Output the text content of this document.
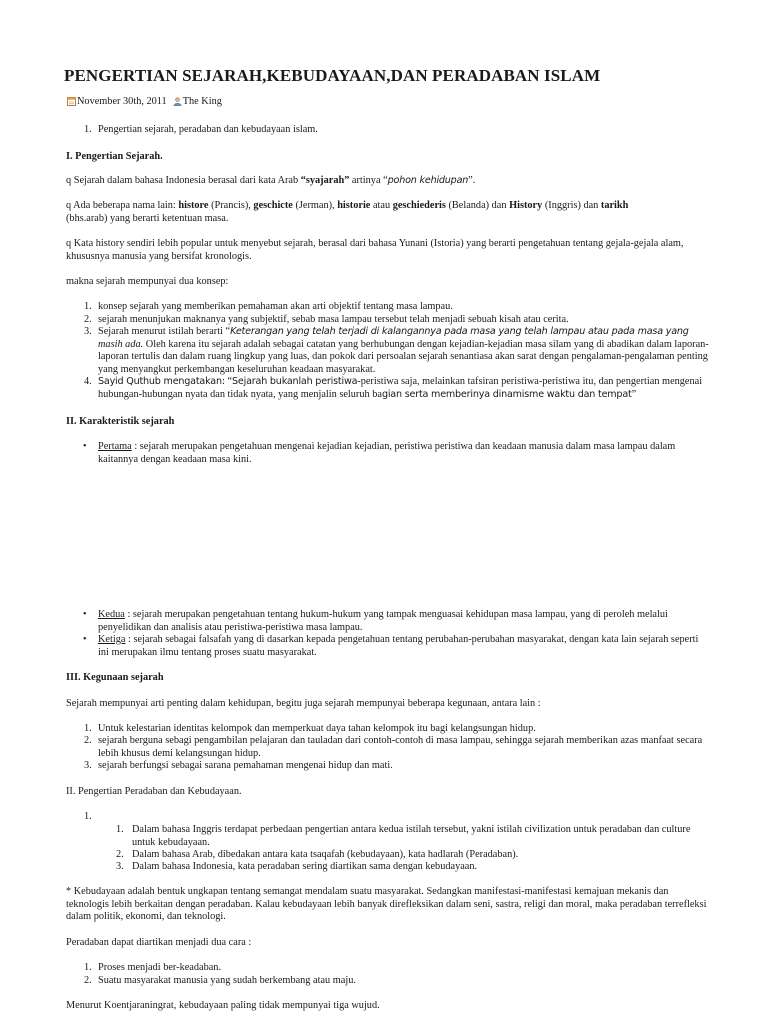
PENGERTIAN SEJARAH,KEBUDAYAAN,DAN PERADABAN ISLAM
November 30th, 2011 The King
1. Pengertian sejarah, peradaban dan kebudayaan islam.
I. Pengertian Sejarah.
q Sejarah dalam bahasa Indonesia berasal dari kata Arab “syajarah” artinya “pohon kehidupan”.
q Ada beberapa nama lain: histore (Prancis), geschicte (Jerman), historie atau geschiederis (Belanda) dan History (Inggris) dan tarikh
(bhs.arab) yang berarti ketentuan masa.
q Kata history sendiri lebih popular untuk menyebut sejarah, berasal dari bahasa Yunani (Istoria) yang berarti pengetahuan tentang gejala-gejala alam, khususnya manusia yang bersifat kronologis.
makna sejarah mempunyai dua konsep:
1. konsep sejarah yang memberikan pemahaman akan arti objektif tentang masa lampau.
2. sejarah menunjukan maknanya yang subjektif, sebab masa lampau tersebut telah menjadi sebuah kisah atau cerita.
3. Sejarah menurut istilah berarti “Keterangan yang telah terjadi di kalangannya pada masa yang telah lampau atau pada masa yang
masih ada. Oleh karena itu sejarah adalah sebagai catatan yang berhubungan dengan kejadian-kejadian masa silam yang di abadikan dalam laporan-laporan tertulis dan dalam ruang lingkup yang luas, dan pokok dari persoalan sejarah senantiasa akan sarat dengan pengalaman-pengalaman penting yang menyangkut perkembangan keseluruhan keadaan masyarakat.
4. Sayid Quthub mengatakan: “Sejarah bukanlah peristiwa-peristiwa saja, melainkan tafsiran peristiwa-peristiwa itu, dan pengertian mengenai hubungan-hubungan nyata dan tidak nyata, yang menjalin seluruh bagian serta memberinya dinamisme waktu dan tempat”
II. Karakteristik sejarah
• Pertama : sejarah merupakan pengetahuan mengenai kejadian kejadian, peristiwa peristiwa dan keadaan manusia dalam masa lampau dalam kaitannya dengan keadaan masa kini.
• Kedua : sejarah merupakan pengetahuan tentang hukum-hukum yang tampak menguasai kehidupan masa lampau, yang di peroleh melalui penyelidikan dan analisis atau peristiwa-peristiwa masa lampau.
• Ketiga : sejarah sebagai falsafah yang di dasarkan kepada pengetahuan tentang perubahan-perubahan masyarakat, dengan kata lain sejarah seperti ini merupakan ilmu tentang proses suatu masyarakat.
III. Kegunaan sejarah
Sejarah mempunyai arti penting dalam kehidupan, begitu juga sejarah mempunyai beberapa kegunaan, antara lain :
1. Untuk kelestarian identitas kelompok dan memperkuat daya tahan kelompok itu bagi kelangsungan hidup.
2. sejarah berguna sebagi pengambilan pelajaran dan tauladan dari contoh-contoh di masa lampau, sehingga sejarah memberikan azas manfaat secara lebih khusus demi kelangsungan hidup.
3. sejarah berfungsi sebagai sarana pemahaman mengenai hidup dan mati.
II. Pengertian Peradaban dan Kebudayaan.
1.
1. Dalam bahasa Inggris terdapat perbedaan pengertian antara kedua istilah tersebut, yakni istilah civilization untuk peradaban dan culture untuk kebudayaan.
2. Dalam bahasa Arab, dibedakan antara kata tsaqafah (kebudayaan), kata hadlarah (Peradaban).
3. Dalam bahasa Indonesia, kata peradaban sering diartikan sama dengan kebudayaan.
* Kebudayaan adalah bentuk ungkapan tentang semangat mendalam suatu masyarakat. Sedangkan manifestasi-manifestasi kemajuan mekanis dan teknologis lebih berkaitan dengan peradaban. Kalau kebudayaan lebih banyak direfleksikan dalam seni, sastra, religi dan moral, maka peradaban terrefleksi dalam politik, ekonomi, dan teknologi.
Peradaban dapat diartikan menjadi dua cara :
1. Proses menjadi ber-keadaban.
2. Suatu masyarakat manusia yang sudah berkembang atau maju.
Menurut Koentjaraningrat, kebudayaan paling tidak mempunyai tiga wujud.
